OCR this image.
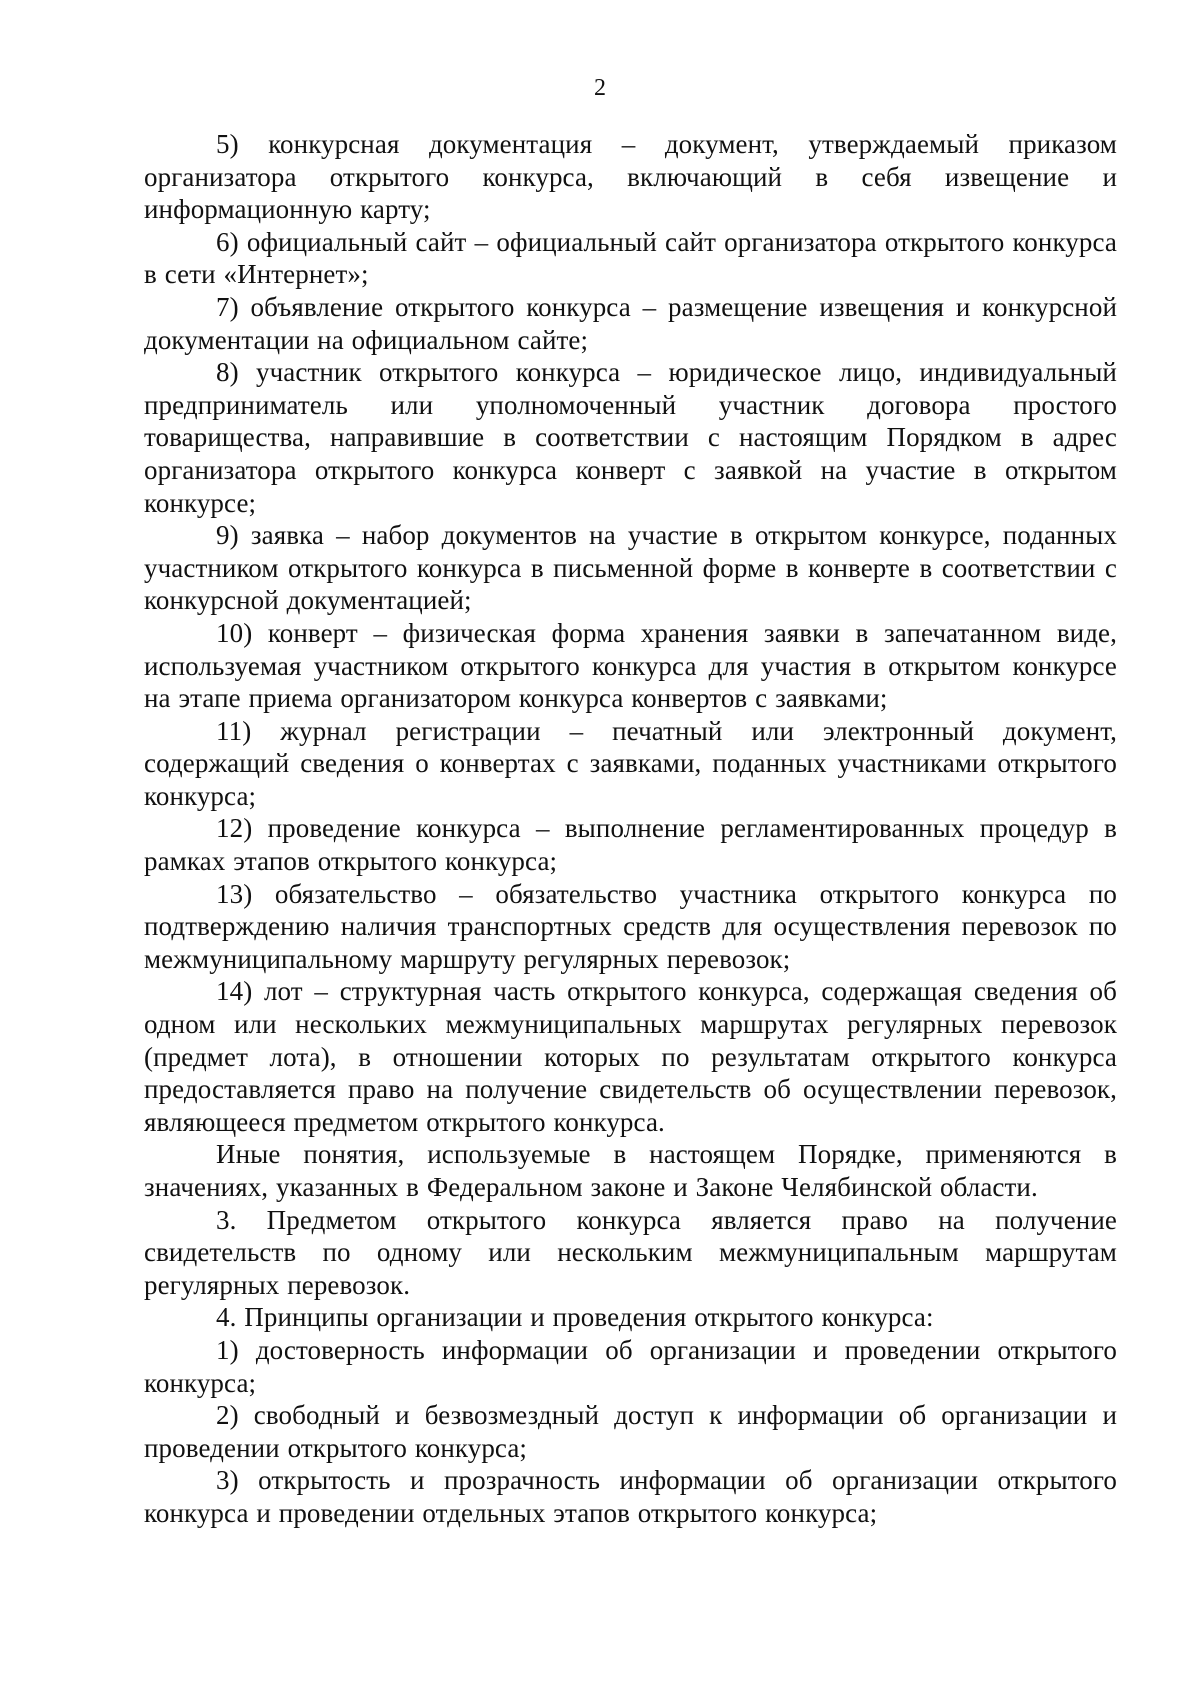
2

5) конкурсная документация – документ, утверждаемый приказом организатора открытого конкурса, включающий в себя извещение и информационную карту;

6) официальный сайт – официальный сайт организатора открытого конкурса в сети «Интернет»;

7) объявление открытого конкурса – размещение извещения и конкурсной документации на официальном сайте;

8) участник открытого конкурса – юридическое лицо, индивидуальный предприниматель или уполномоченный участник договора простого товарищества, направившие в соответствии с настоящим Порядком в адрес организатора открытого конкурса конверт с заявкой на участие в открытом конкурсе;

9) заявка – набор документов на участие в открытом конкурсе, поданных участником открытого конкурса в письменной форме в конверте в соответствии с конкурсной документацией;

10) конверт – физическая форма хранения заявки в запечатанном виде, используемая участником открытого конкурса для участия в открытом конкурсе на этапе приема организатором конкурса конвертов с заявками;

11) журнал регистрации – печатный или электронный документ, содержащий сведения о конвертах с заявками, поданных участниками открытого конкурса;

12) проведение конкурса – выполнение регламентированных процедур в рамках этапов открытого конкурса;

13) обязательство – обязательство участника открытого конкурса по подтверждению наличия транспортных средств для осуществления перевозок по межмуниципальному маршруту регулярных перевозок;

14) лот – структурная часть открытого конкурса, содержащая сведения об одном или нескольких межмуниципальных маршрутах регулярных перевозок (предмет лота), в отношении которых по результатам открытого конкурса предоставляется право на получение свидетельств об осуществлении перевозок, являющееся предметом открытого конкурса.

Иные понятия, используемые в настоящем Порядке, применяются в значениях, указанных в Федеральном законе и Законе Челябинской области.

3. Предметом открытого конкурса является право на получение свидетельств по одному или нескольким межмуниципальным маршрутам регулярных перевозок.

4. Принципы организации и проведения открытого конкурса:

1) достоверность информации об организации и проведении открытого конкурса;

2) свободный и безвозмездный доступ к информации об организации и проведении открытого конкурса;

3) открытость и прозрачность информации об организации открытого конкурса и проведении отдельных этапов открытого конкурса;
